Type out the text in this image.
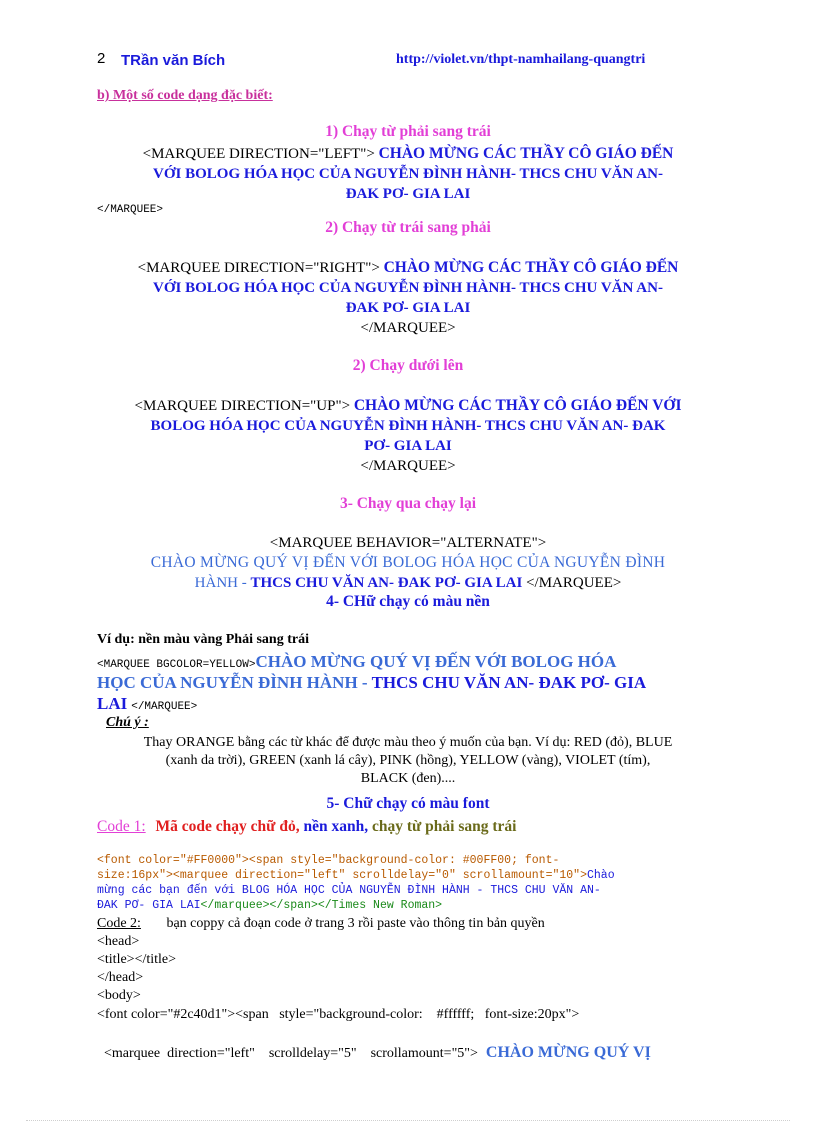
2 TRần văn Bích	http://violet.vn/thpt-namhailang-quangtri
b) Một số code dạng đặc biết:
1) Chạy từ phải sang trái
<MARQUEE DIRECTION="LEFT"> CHÀO MỪNG CÁC THẦY CÔ GIÁO ĐẾN
VỚI BOLOG HÓA HỌC CỦA NGUYỄN ĐÌNH HÀNH- THCS CHU VĂN AN-
ĐAK PƠ- GIA LAI
</MARQUEE>
2) Chạy từ trái sang phải
<MARQUEE DIRECTION="RIGHT"> CHÀO MỪNG CÁC THẦY CÔ GIÁO ĐẾN
VỚI BOLOG HÓA HỌC CỦA NGUYỄN ĐÌNH HÀNH- THCS CHU VĂN AN-
ĐAK PƠ- GIA LAI
</MARQUEE>
2) Chạy dưới lên
<MARQUEE DIRECTION="UP"> CHÀO MỪNG CÁC THẦY CÔ GIÁO ĐẾN VỚI
BOLOG HÓA HỌC CỦA NGUYỄN ĐÌNH HÀNH- THCS CHU VĂN AN- ĐAK
PƠ- GIA LAI
</MARQUEE>
3- Chạy qua chạy lại
<MARQUEE BEHAVIOR="ALTERNATE">
CHÀO MỪNG QUÝ VỊ ĐẾN VỚI BOLOG HÓA HỌC CỦA NGUYỄN ĐÌNH
HÀNH - THCS CHU VĂN AN- ĐAK PƠ- GIA LAI </MARQUEE>
4- CHữ chạy có màu nền
Ví dụ: nền màu vàng Phải sang trái
<MARQUEE BGCOLOR=YELLOW>CHÀO MỪNG QUÝ VỊ ĐẾN VỚI BOLOG HÓA
HỌC CỦA NGUYỄN ĐÌNH HÀNH - THCS CHU VĂN AN- ĐAK PƠ- GIA
LAI </MARQUEE>
Chú ý :
Thay ORANGE bằng các từ khác để được màu theo ý muốn của bạn. Ví dụ: RED (đỏ), BLUE
(xanh da trời), GREEN (xanh lá cây), PINK (hồng), YELLOW (vàng), VIOLET (tím),
BLACK (đen)....
5- Chữ chạy có màu font
Code 1: Mã code chạy chữ đỏ, nền xanh, chạy từ phải sang trái
<font color="#FF0000"><span style="background-color: #00FF00; font-
size:16px"><marquee direction="left" scrolldelay="0" scrollamount="10">Chào
mừng các bạn đến với BLOG HÓA HỌC CỦA NGUYỄN ĐÌNH HÀNH - THCS CHU VĂN AN-
ĐAK PƠ- GIA LAI</marquee></span></Times New Roman>
Code 2: bạn coppy cả đoạn code ở trang 3 rồi paste vào thông tin bản quyền
<head>
<title></title>
</head>
<body>
<font color="#2c40d1"><span   style="background-color:    #ffffff;   font-size:20px">

<marquee  direction="left"    scrolldelay="5"    scrollamount="5"> CHÀO MỪNG QUÝ VỊ
